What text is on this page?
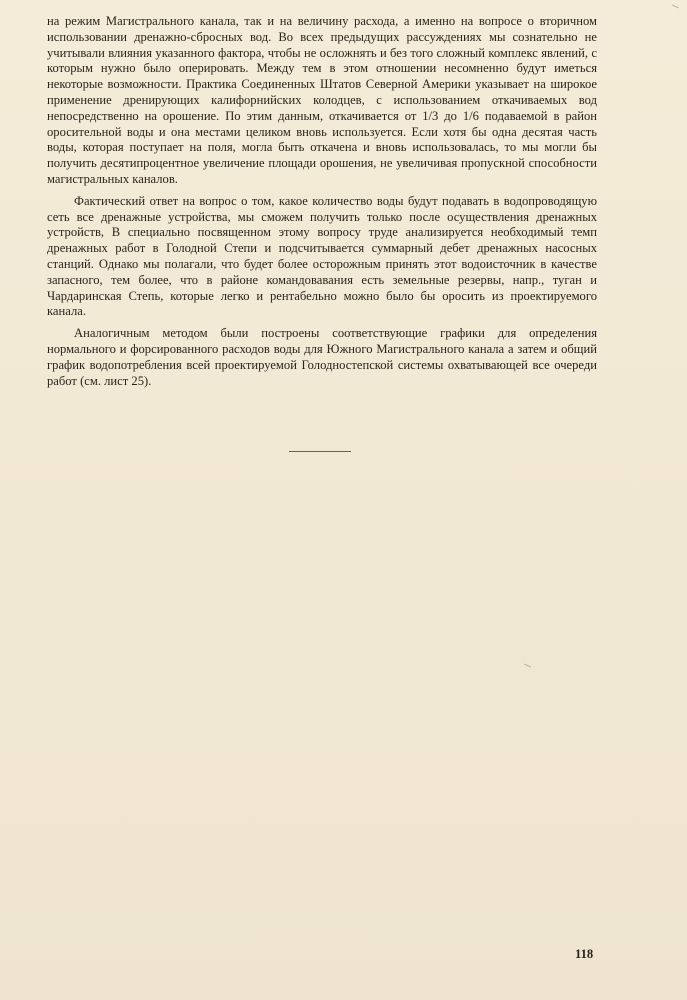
на режим Магистрального канала, так и на величину расхода, а именно на вопросе о вторичном использовании дренажно-сбросных вод. Во всех предыдущих рассуждениях мы сознательно не учитывали влияния указанного фактора, чтобы не осложнять и без того сложный комплекс явлений, с которым нужно было оперировать. Между тем в этом отношении несомненно будут иметься некоторые возможности. Практика Соединенных Штатов Северной Америки указывает на широкое применение дренирующих калифорнийских колодцев, с использованием откачиваемых вод непосредственно на орошение. По этим данным, откачивается от 1/3 до 1/6 подаваемой в район оросительной воды и она местами целиком вновь используется. Если хотя бы одна десятая часть воды, которая поступает на поля, могла быть откачена и вновь использовалась, то мы могли бы получить десятипроцентное увеличение площади орошения, не увеличивая пропускной способности магистральных каналов.

Фактический ответ на вопрос о том, какое количество воды будут подавать в водопроводящую сеть все дренажные устройства, мы сможем получить только после осуществления дренажных устройств, В специально посвященном этому вопросу труде анализируется необходимый темп дренажных работ в Голодной Степи и подсчитывается суммарный дебет дренажных насосных станций. Однако мы полагали, что будет более осторожным принять этот водоисточник в качестве запасного, тем более, что в районе командовавания есть земельные резервы, напр., туган и Чардаринская Степь, которые легко и рентабельно можно было бы оросить из проектируемого канала.

Аналогичным методом были построены соответствующие графики для определения нормального и форсированного расходов воды для Южного Магистрального канала а затем и общий график водопотребления всей проектируемой Голодностепской системы охватывающей все очереди работ (см. лист 25).

118
